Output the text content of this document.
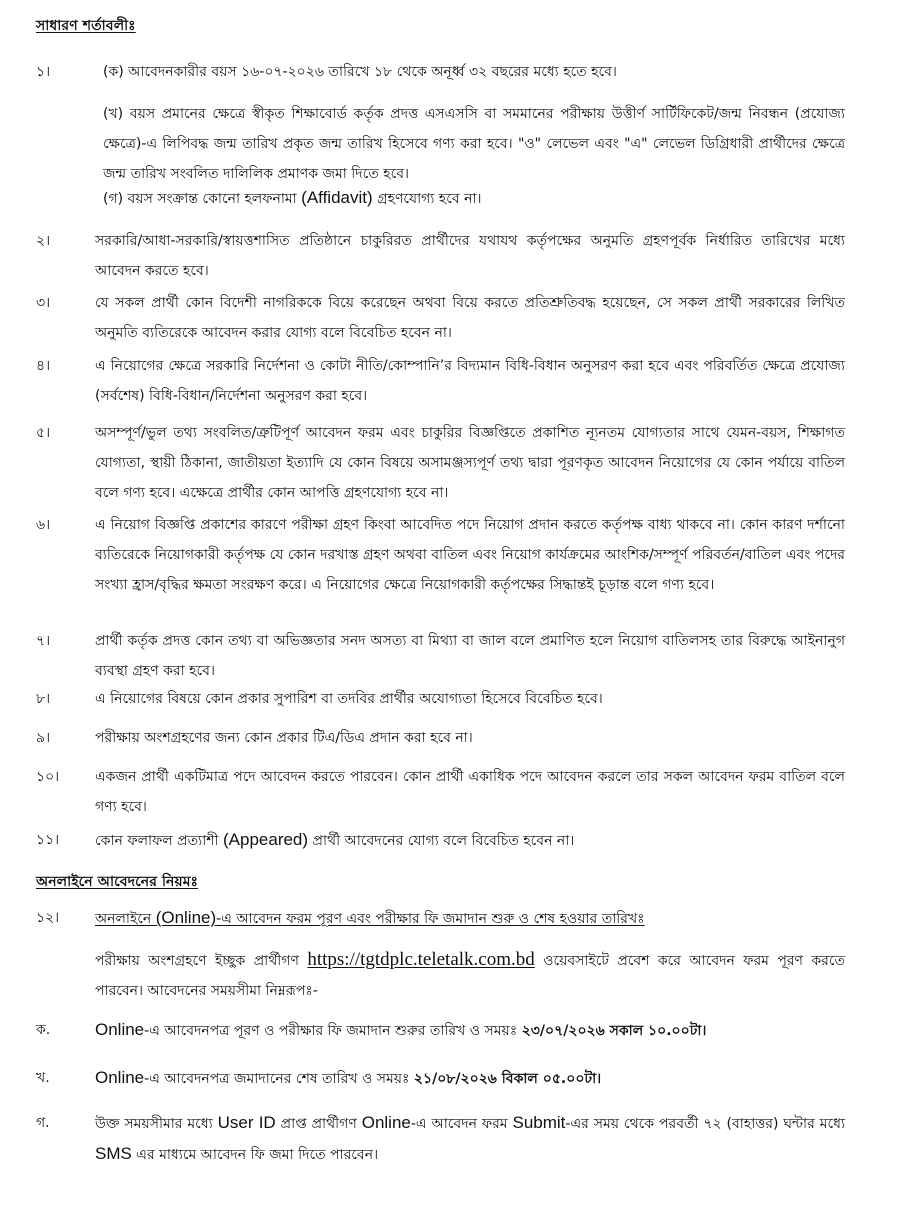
সাধারণ শর্তাবলীঃ
১।	(ক) আবেদনকারীর বয়স ১৬-০৭-২০২৬ তারিখে ১৮ থেকে অনূর্ধ্ব ৩২ বছরের মধ্যে হতে হবে।
(খ) বয়স প্রমানের ক্ষেত্রে স্বীকৃত শিক্ষাবোর্ড কর্তৃক প্রদত্ত এসএসসি বা সমমানের পরীক্ষায় উত্তীর্ণ সার্টিফিকেট/জন্ম নিবন্ধন (প্রযোজ্য ক্ষেত্রে)-এ লিপিবদ্ধ জন্ম তারিখ প্রকৃত জন্ম তারিখ হিসেবে গণ্য করা হবে। "ও" লেভেল এবং "এ" লেভেল ডিগ্রিধারী প্রার্থীদের ক্ষেত্রে জন্ম তারিখ সংবলিত দালিলিক প্রমাণক জমা দিতে হবে।
(গ) বয়স সংক্রান্ত কোনো হলফনামা (Affidavit) গ্রহণযোগ্য হবে না।
২।	সরকারি/আধা-সরকারি/স্বায়ত্তশাসিত প্রতিষ্ঠানে চাকুরিরত প্রার্থীদের যথাযথ কর্তৃপক্ষের অনুমতি গ্রহণপূর্বক নির্ধারিত তারিখের মধ্যে আবেদন করতে হবে।
৩।	যে সকল প্রার্থী কোন বিদেশী নাগরিককে বিয়ে করেছেন অথবা বিয়ে করতে প্রতিশ্রুতিবদ্ধ হয়েছেন, সে সকল প্রার্থী সরকারের লিখিত অনুমতি ব্যতিরেকে আবেদন করার যোগ্য বলে বিবেচিত হবেন না।
৪।	এ নিয়োগের ক্ষেত্রে সরকারি নির্দেশনা ও কোটা নীতি/কোম্পানি’র বিদ্যমান বিধি-বিধান অনুসরণ করা হবে এবং পরিবর্তিত ক্ষেত্রে প্রযোজ্য (সর্বশেষ) বিধি-বিধান/নির্দেশনা অনুসরণ করা হবে।
৫।	অসম্পূর্ণ/ভুল তথ্য সংবলিত/ত্রুটিপূর্ণ আবেদন ফরম এবং চাকুরির বিজ্ঞপ্তিতে প্রকাশিত ন্যূনতম যোগ্যতার সাথে যেমন-বয়স, শিক্ষাগত যোগ্যতা, স্থায়ী ঠিকানা, জাতীয়তা ইত্যাদি যে কোন বিষয়ে অসামঞ্জস্যপূর্ণ তথ্য দ্বারা পূরণকৃত আবেদন নিয়োগের যে কোন পর্যায়ে বাতিল বলে গণ্য হবে। এক্ষেত্রে প্রার্থীর কোন আপত্তি গ্রহণযোগ্য হবে না।
৬।	এ নিয়োগ বিজ্ঞপ্তি প্রকাশের কারণে পরীক্ষা গ্রহণ কিংবা আবেদিত পদে নিয়োগ প্রদান করতে কর্তৃপক্ষ বাধ্য থাকবে না। কোন কারণ দর্শানো ব্যতিরেকে নিয়োগকারী কর্তৃপক্ষ যে কোন দরখাস্ত গ্রহণ অথবা বাতিল এবং নিয়োগ কার্যক্রমের আংশিক/সম্পূর্ণ পরিবর্তন/বাতিল এবং পদের সংখ্যা হ্রাস/বৃদ্ধির ক্ষমতা সংরক্ষণ করে। এ নিয়োগের ক্ষেত্রে নিয়োগকারী কর্তৃপক্ষের সিদ্ধান্তই চূড়ান্ত বলে গণ্য হবে।
৭।	প্রার্থী কর্তৃক প্রদত্ত কোন তথ্য বা অভিজ্ঞতার সনদ অসত্য বা মিথ্যা বা জাল বলে প্রমাণিত হলে নিয়োগ বাতিলসহ তার বিরুদ্ধে আইনানুগ ব্যবস্থা গ্রহণ করা হবে।
৮।	এ নিয়োগের বিষয়ে কোন প্রকার সুপারিশ বা তদবির প্রার্থীর অযোগ্যতা হিসেবে বিবেচিত হবে।
৯।	পরীক্ষায় অংশগ্রহণের জন্য কোন প্রকার টিএ/ডিএ প্রদান করা হবে না।
১০।	একজন প্রার্থী একটিমাত্র পদে আবেদন করতে পারবেন। কোন প্রার্থী একাধিক পদে আবেদন করলে তার সকল আবেদন ফরম বাতিল বলে গণ্য হবে।
১১।	কোন ফলাফল প্রত্যাশী (Appeared) প্রার্থী আবেদনের যোগ্য বলে বিবেচিত হবেন না।
অনলাইনে আবেদনের নিয়মঃ
১২।	অনলাইনে (Online)-এ আবেদন ফরম পূরণ এবং পরীক্ষার ফি জমাদান শুরু ও শেষ হওয়ার তারিখঃ
পরীক্ষায় অংশগ্রহণে ইচ্ছুক প্রার্থীগণ https://tgtdplc.teletalk.com.bd ওয়েবসাইটে প্রবেশ করে আবেদন ফরম পূরণ করতে পারবেন। আবেদনের সময়সীমা নিম্নরূপঃ-
ক.	Online-এ আবেদনপত্র পূরণ ও পরীক্ষার ফি জমাদান শুরুর তারিখ ও সময়ঃ ২৩/০৭/২০২৬ সকাল ১০.০০টা।
খ.	Online-এ আবেদনপত্র জমাদানের শেষ তারিখ ও সময়ঃ ২১/০৮/২০২৬ বিকাল ০৫.০০টা।
গ.	উক্ত সময়সীমার মধ্যে User ID প্রাপ্ত প্রার্থীগণ Online-এ আবেদন ফরম Submit-এর সময় থেকে পরবর্তী ৭২ (বাহাত্তর) ঘন্টার মধ্যে SMS এর মাধ্যমে আবেদন ফি জমা দিতে পারবেন।
